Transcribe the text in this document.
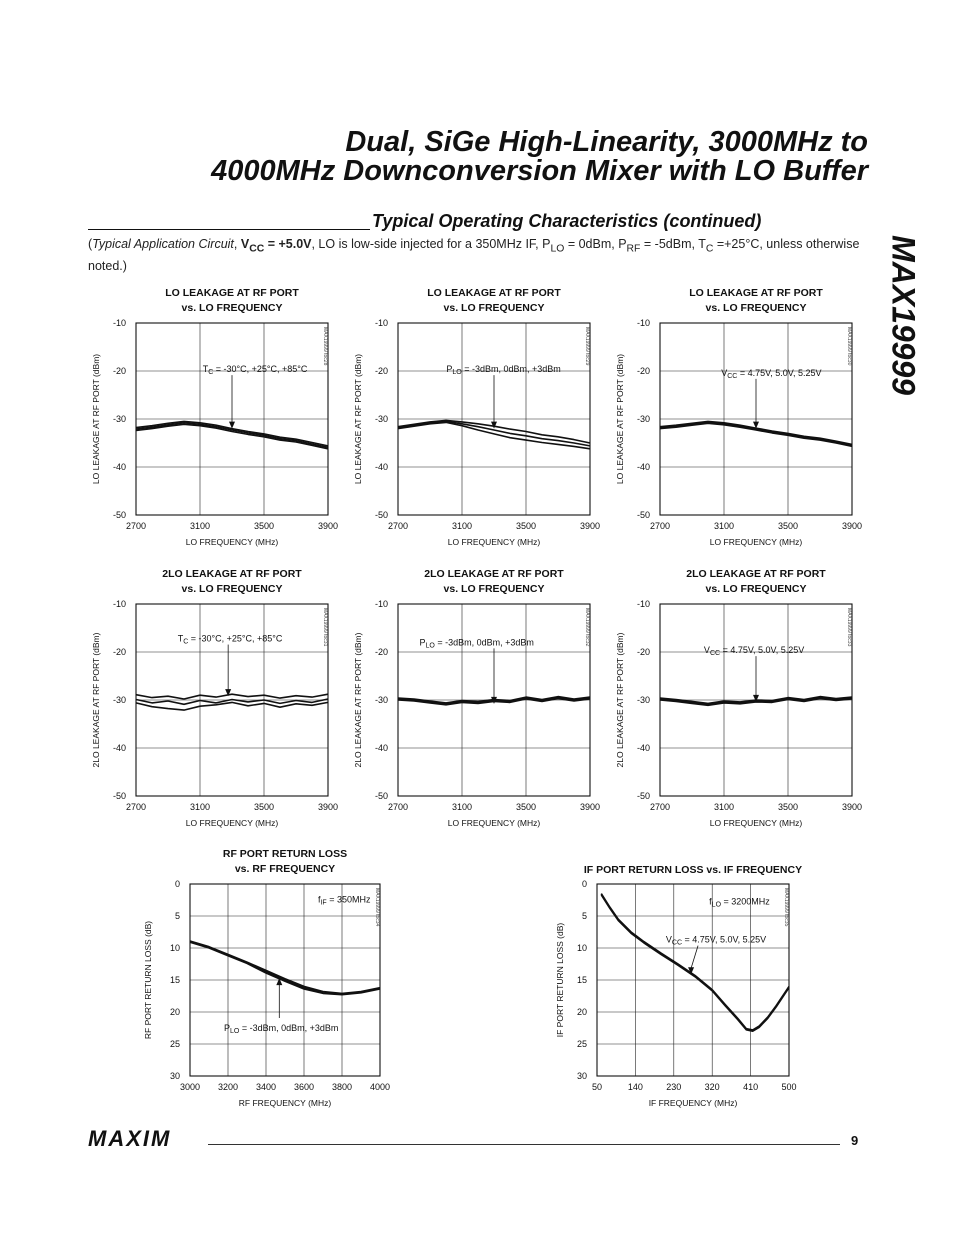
Dual, SiGe High-Linearity, 3000MHz to
4000MHz Downconversion Mixer with LO Buffer
Typical Operating Characteristics (continued)
(Typical Application Circuit, $V_{CC} = +5.0V$, LO is low-side injected for a 350MHz IF, $P_{LO} = 0dBm$, $P_{RF} = -5dBm$, $T_C =+25^\circ C$, unless otherwise noted.)	MAX19999
LO LEAKAGE AT RF PORT
vs. LO FREQUENCY
2700	3100	3500	3900
-10
-20
-30
-40
-50
LO FREQUENCY (MHz)
LO LEAKAGE AT RF PORT (dBm)
MAX19999 toc28
$T_C = -30^\circ C$, +25°C, +85°C
LO LEAKAGE AT RF PORT
vs. LO FREQUENCY
2700	3100	3500	3900
-10
-20
-30
-40
-50
LO FREQUENCY (MHz)
LO LEAKAGE AT RF PORT (dBm)
MAX19999 toc29
$P_{LO} = -3dBm$, 0dBm, +3dBm
LO LEAKAGE AT RF PORT
vs. LO FREQUENCY
2700	3100	3500	3900
-10
-20
-30
-40
-50
LO FREQUENCY (MHz)
LO LEAKAGE AT RF PORT (dBm)
MAX19999 toc30
$V_{CC} = 4.75V$, 5.0V, 5.25V
2LO LEAKAGE AT RF PORT
vs. LO FREQUENCY
2700	3100	3500	3900
-10
-20
-30
-40
-50
LO FREQUENCY (MHz)
2LO LEAKAGE AT RF PORT (dBm)
MAX19999 toc31
$T_C = -30^\circ C$, +25°C, +85°C
2LO LEAKAGE AT RF PORT
vs. LO FREQUENCY
2700	3100	3500	3900
-10
-20
-30
-40
-50
LO FREQUENCY (MHz)
2LO LEAKAGE AT RF PORT (dBm)
MAX19999 toc32
$P_{LO} = -3dBm$, 0dBm, +3dBm
2LO LEAKAGE AT RF PORT
vs. LO FREQUENCY
2700	3100	3500	3900
-10
-20
-30
-40
-50
LO FREQUENCY (MHz)
2LO LEAKAGE AT RF PORT (dBm)
MAX19999 toc33
$V_{CC} = 4.75V$, 5.0V, 5.25V
RF PORT RETURN LOSS
vs. RF FREQUENCY
3000 3200 3400 3600 3800 4000
0
5
10
15
20
25
30
RF FREQUENCY (MHz)
RF PORT RETURN LOSS (dB)
MAX19999 toc34
$f_{IF} = 350MHz$
$P_{LO} = -3dBm$, 0dBm, +3dBm
IF PORT RETURN LOSS vs. IF FREQUENCY
50	140	230	320	410	500
0
5
10
15
20
25
30
IF FREQUENCY (MHz)
IF PORT RETURN LOSS (dB)
MAX19999 toc35
$f_{LO} = 3200MHz$
$V_{CC} = 4.75V$, 5.0V, 5.25V
MAXIM	9
